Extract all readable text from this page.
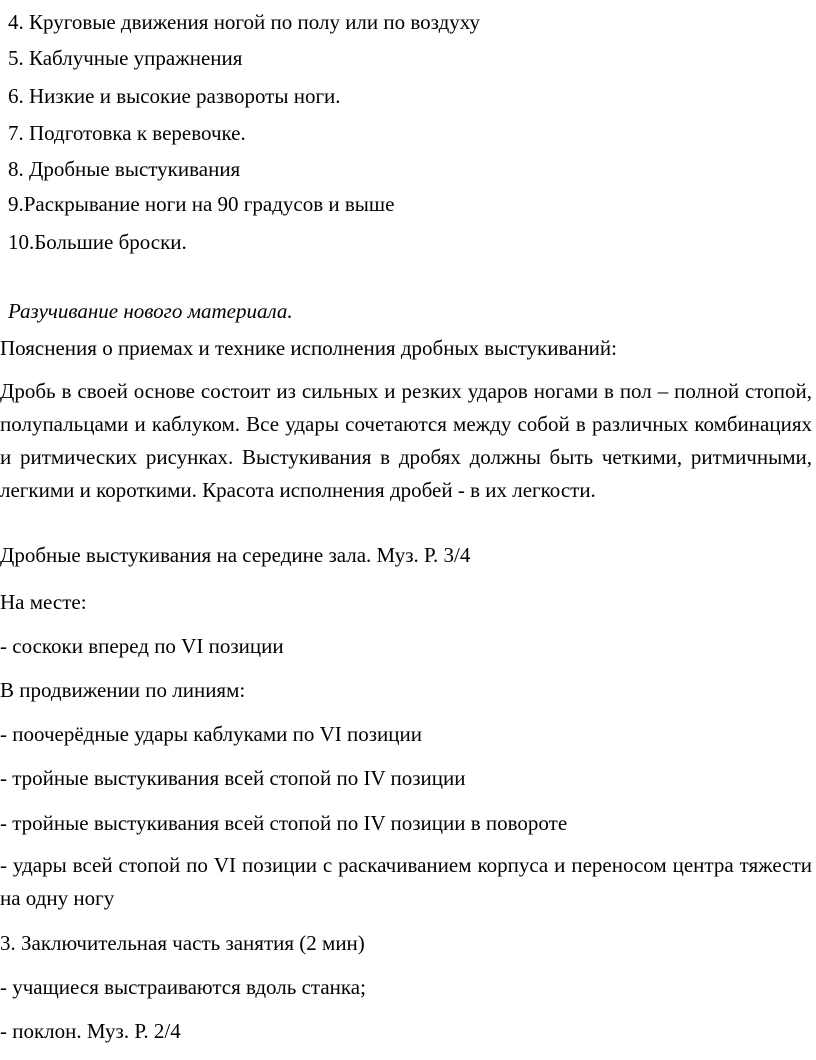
4. Круговые движения ногой по полу или по воздуху
5. Каблучные упражнения
6. Низкие и высокие развороты ноги.
7. Подготовка к веревочке.
8. Дробные выстукивания
9.Раскрывание ноги на 90 градусов и выше
10.Большие броски.
Разучивание нового материала.
Пояснения о приемах и технике исполнения дробных выстукиваний:
Дробь в своей основе состоит из сильных и резких ударов ногами в пол – полной стопой, полупальцами и каблуком. Все удары сочетаются между собой в различных комбинациях и ритмических рисунках. Выстукивания в дробях должны быть четкими, ритмичными, легкими и короткими. Красота исполнения дробей - в их легкости.
Дробные выстукивания на середине зала. Муз. Р. 3/4
На месте:
- соскоки вперед по VI позиции
В продвижении по линиям:
- поочерёдные удары каблуками по VI позиции
- тройные выстукивания всей стопой по IV позиции
- тройные выстукивания всей стопой по IV позиции в повороте
- удары всей стопой по VI позиции с раскачиванием корпуса и переносом центра тяжести на одну ногу
3. Заключительная часть занятия (2 мин)
- учащиеся выстраиваются вдоль станка;
- поклон. Муз. Р. 2/4
